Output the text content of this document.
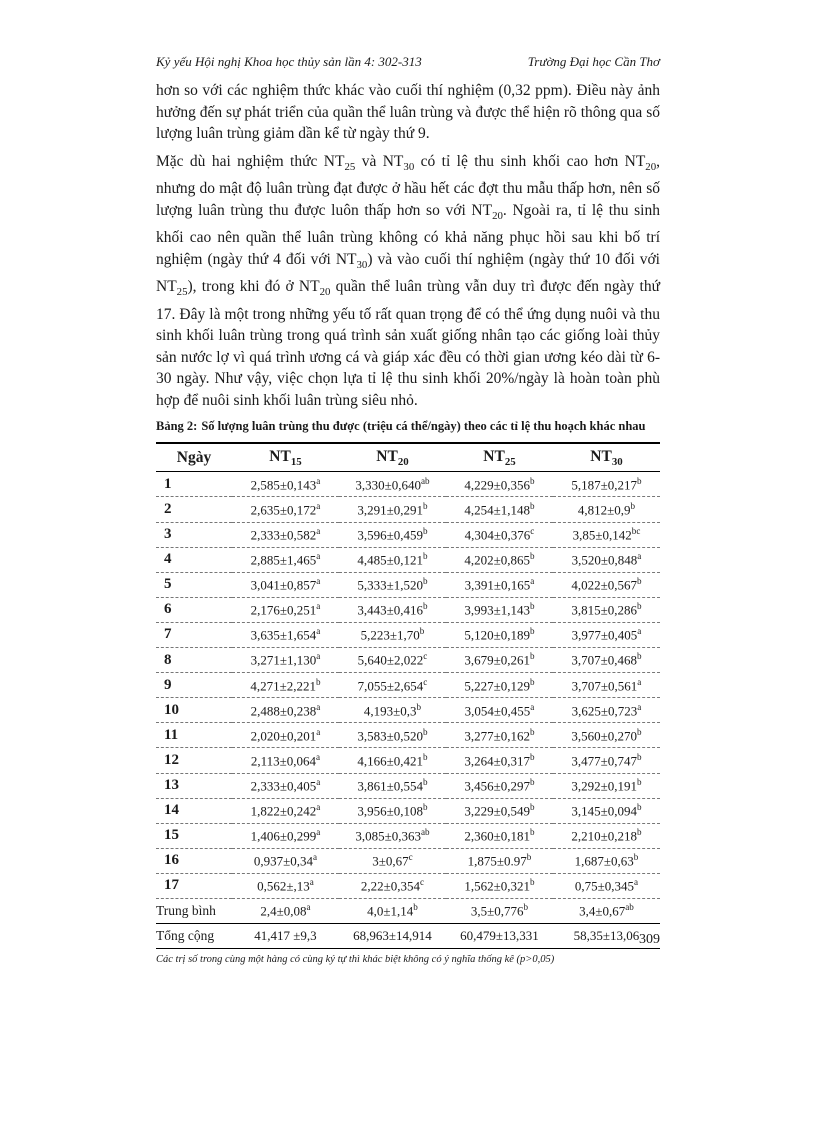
Kỷ yếu Hội nghị Khoa học thủy sản lần 4: 302-313	Trường Đại học Cần Thơ

hơn so với các nghiệm thức khác vào cuối thí nghiệm (0,32 ppm). Điều này ảnh hưởng đến sự phát triển của quần thể luân trùng và được thể hiện rõ thông qua số lượng luân trùng giảm dần kể từ ngày thứ 9.

Mặc dù hai nghiệm thức $NT_{25}$ và $NT_{30}$ có tỉ lệ thu sinh khối cao hơn $NT_{20}$, nhưng do mật độ luân trùng đạt được ở hầu hết các đợt thu mẫu thấp hơn, nên số lượng luân trùng thu được luôn thấp hơn so với $NT_{20}$. Ngoài ra, tỉ lệ thu sinh khối cao nên quần thể luân trùng không có khả năng phục hồi sau khi bố trí nghiệm (ngày thứ 4 đối với $NT_{30}$) và vào cuối thí nghiệm (ngày thứ 10 đối với $NT_{25}$), trong khi đó ở $NT_{20}$ quần thể luân trùng vẫn duy trì được đến ngày thứ 17. Đây là một trong những yếu tố rất quan trọng để có thể ứng dụng nuôi và thu sinh khối luân trùng trong quá trình sản xuất giống nhân tạo các giống loài thủy sản nước lợ vì quá trình ương cá và giáp xác đều có thời gian ương kéo dài từ 6-30 ngày. Như vậy, việc chọn lựa tỉ lệ thu sinh khối 20%/ngày là hoàn toàn phù hợp để nuôi sinh khối luân trùng siêu nhỏ.

Bảng 2: Số lượng luân trùng thu được (triệu cá thể/ngày) theo các tỉ lệ thu hoạch khác nhau
Ngày	$NT_{15}$	$NT_{20}$	$NT_{25}$	$NT_{30}$
1	2,585±0,143$^a$	3,330±0,640$^{ab}$	4,229±0,356$^b$	5,187±0,217$^b$
2	2,635±0,172$^a$	3,291±0,291$^b$	4,254±1,148$^b$	4,812±0,9$^b$
3	2,333±0,582$^a$	3,596±0,459$^b$	4,304±0,376$^c$	3,85±0,142$^{bc}$
4	2,885±1,465$^a$	4,485±0,121$^b$	4,202±0,865$^b$	3,520±0,848$^a$
5	3,041±0,857$^a$	5,333±1,520$^b$	3,391±0,165$^a$	4,022±0,567$^b$
6	2,176±0,251$^a$	3,443±0,416$^b$	3,993±1,143$^b$	3,815±0,286$^b$
7	3,635±1,654$^a$	5,223±1,70$^b$	5,120±0,189$^b$	3,977±0,405$^a$
8	3,271±1,130$^a$	5,640±2,022$^c$	3,679±0,261$^b$	3,707±0,468$^b$
9	4,271±2,221$^b$	7,055±2,654$^c$	5,227±0,129$^b$	3,707±0,561$^a$
10	2,488±0,238$^a$	4,193±0,3$^b$	3,054±0,455$^a$	3,625±0,723$^a$
11	2,020±0,201$^a$	3,583±0,520$^b$	3,277±0,162$^b$	3,560±0,270$^b$
12	2,113±0,064$^a$	4,166±0,421$^b$	3,264±0,317$^b$	3,477±0,747$^b$
13	2,333±0,405$^a$	3,861±0,554$^b$	3,456±0,297$^b$	3,292±0,191$^b$
14	1,822±0,242$^a$	3,956±0,108$^b$	3,229±0,549$^b$	3,145±0,094$^b$
15	1,406±0,299$^a$	3,085±0,363$^{ab}$	2,360±0,181$^b$	2,210±0,218$^b$
16	0,937±0,34$^a$	3±0,67$^c$	1,875±0.97$^b$	1,687±0,63$^b$
17	0,562±,13$^a$	2,22±0,354$^c$	1,562±0,321$^b$	0,75±0,345$^a$
Trung bình	2,4±0,08$^a$	4,0±1,14$^b$	3,5±0,776$^b$	3,4±0,67$^{ab}$
Tổng cộng	41,417 ±9,3	68,963±14,914	60,479±13,331	58,35±13,06
Các trị số trong cùng một hàng có cùng ký tự thì khác biệt không có ý nghĩa thống kê (p>0,05)
309
